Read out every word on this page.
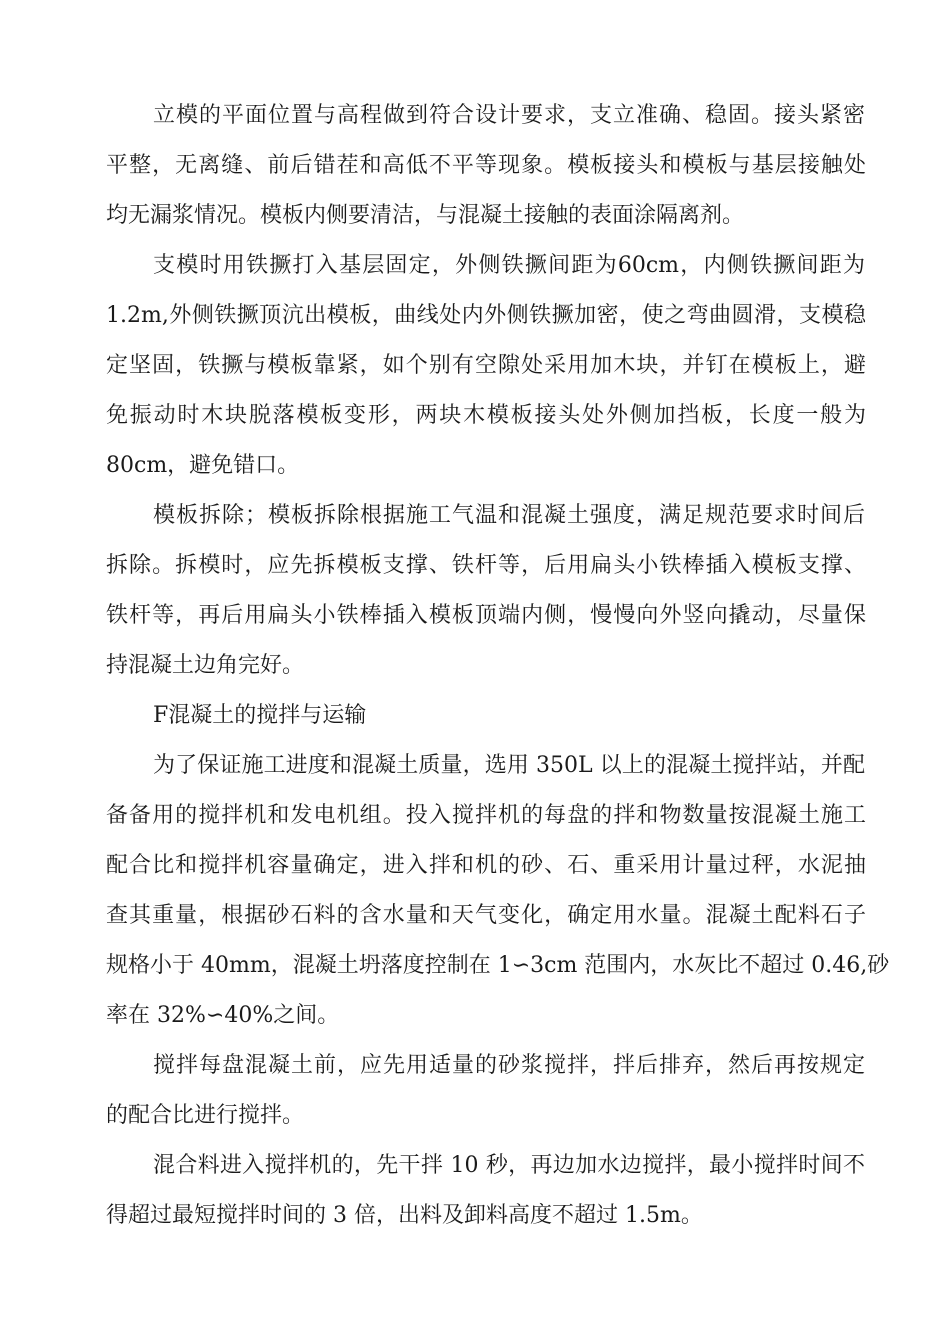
立模的平面位置与高程做到符合设计要求，支立准确、稳固。接头紧密
平整，无离缝、前后错茬和高低不平等现象。模板接头和模板与基层接触处
均无漏浆情况。模板内侧要清洁，与混凝土接触的表面涂隔离剂。
支模时用铁撅打入基层固定，外侧铁撅间距为60cm，内侧铁撅间距为
1.2m,外侧铁撅顶沆出模板，曲线处内外侧铁撅加密，使之弯曲圆滑，支模稳
定坚固，铁撅与模板靠紧，如个别有空隙处采用加木块，并钉在模板上，避
免振动时木块脱落模板变形，两块木模板接头处外侧加挡板，长度一般为
80cm，避免错口。
模板拆除；模板拆除根据施工气温和混凝土强度，满足规范要求时间后
拆除。拆模时，应先拆模板支撑、铁杆等，后用扁头小铁棒插入模板支撑、
铁杆等，再后用扁头小铁棒插入模板顶端内侧，慢慢向外竖向撬动，尽量保
持混凝土边角完好。
F混凝土的搅拌与运输
为了保证施工进度和混凝土质量，选用 350L 以上的混凝土搅拌站，并配
备备用的搅拌机和发电机组。投入搅拌机的每盘的拌和物数量按混凝土施工
配合比和搅拌机容量确定，进入拌和机的砂、石、重采用计量过秤，水泥抽
查其重量，根据砂石料的含水量和天气变化，确定用水量。混凝土配料石子
规格小于 40mm，混凝土坍落度控制在 1∽3cm 范围内，水灰比不超过 0.46,砂
率在 32%∽40%之间。
搅拌每盘混凝土前，应先用适量的砂浆搅拌，拌后排弃，然后再按规定
的配合比进行搅拌。
混合料进入搅拌机的，先干拌 10 秒，再边加水边搅拌，最小搅拌时间不
得超过最短搅拌时间的 3 倍，出料及卸料高度不超过 1.5m。
